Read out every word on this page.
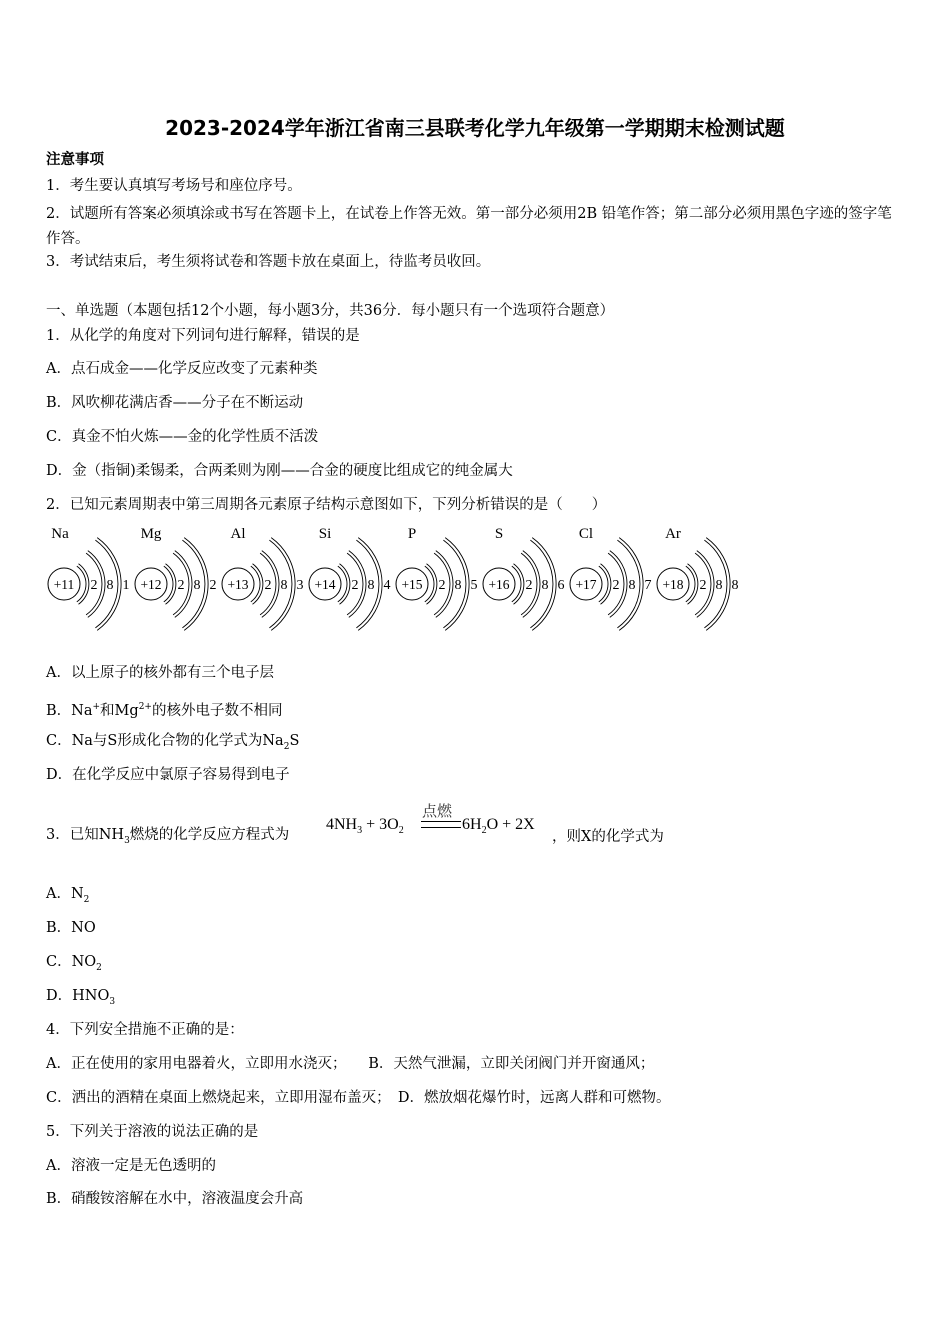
2023-2024学年浙江省南三县联考化学九年级第一学期期末检测试题
注意事项
1．考生要认真填写考场号和座位序号。
2．试题所有答案必须填涂或书写在答题卡上，在试卷上作答无效。第一部分必须用2B 铅笔作答；第二部分必须用黑色字迹的签字笔作答。
3．考试结束后，考生须将试卷和答题卡放在桌面上，待监考员收回。
一、单选题（本题包括12个小题，每小题3分，共36分．每小题只有一个选项符合题意）
1．从化学的角度对下列词句进行解释，错误的是
A．点石成金——化学反应改变了元素种类
B．风吹柳花满店香——分子在不断运动
C．真金不怕火炼——金的化学性质不活泼
D．金（指铜)柔锡柔，合两柔则为刚——合金的硬度比组成它的纯金属大
2．已知元素周期表中第三周期各元素原子结构示意图如下，下列分析错误的是（　　）
Na
+11 2 8 1
Mg
+12 2 8 2
Al
+13 2 8 3
Si
+14 2 8 4
P
+15 2 8 5
S
+16 2 8 6
Cl
+17 2 8 7
Ar
+18 2 8 8
A．以上原子的核外都有三个电子层
B．Na+和$Mg^{2+}$的核外电子数不相同
C．Na与S形成化合物的化学式为$Na_2S$
D．在化学反应中氯原子容易得到电子
3．已知$NH_3$燃烧的化学反应方程式为
$4NH_3 + 3O_2$
点燃
$6H_2O + 2X$
，则X的化学式为
A．$N_2$
B．NO
C．$NO_2$
D．$HNO_3$
4．下列安全措施不正确的是：
A．正在使用的家用电器着火，立即用水浇灭；　　B．天然气泄漏，立即关闭阀门并开窗通风；
C．洒出的酒精在桌面上燃烧起来，立即用湿布盖灭；　D．燃放烟花爆竹时，远离人群和可燃物。
5．下列关于溶液的说法正确的是
A．溶液一定是无色透明的
B．硝酸铵溶解在水中，溶液温度会升高
